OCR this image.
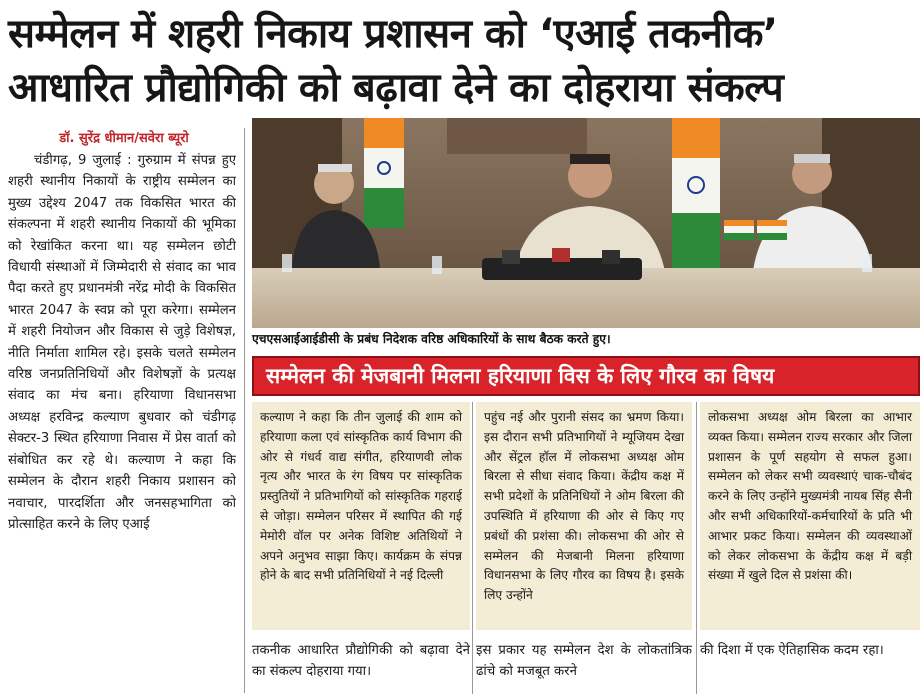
सम्मेलन में शहरी निकाय प्रशासन को ‘एआई तकनीक’
आधारित प्रौद्योगिकी को बढ़ावा देने का दोहराया संकल्प
डॉ. सुरेंद्र धीमान/सवेरा ब्यूरो

चंडीगढ़, 9 जुलाई : गुरुग्राम में संपन्न हुए शहरी स्थानीय निकायों के राष्ट्रीय सम्मेलन का मुख्य उद्देश्य 2047 तक विकसित भारत की संकल्पना में शहरी स्थानीय निकायों की भूमिका को रेखांकित करना था। यह सम्मेलन छोटी विधायी संस्थाओं में जिम्मेदारी से संवाद का भाव पैदा करते हुए प्रधानमंत्री नरेंद्र मोदी के विकसित भारत 2047 के स्वप्न को पूरा करेगा। सम्मेलन में शहरी नियोजन और विकास से जुड़े विशेषज्ञ, नीति निर्माता शामिल रहे। इसके चलते सम्मेलन वरिष्ठ जनप्रतिनिधियों और विशेषज्ञों के प्रत्यक्ष संवाद का मंच बना। हरियाणा विधानसभा अध्यक्ष हरविन्द्र कल्याण बुधवार को चंडीगढ़ सेक्टर-3 स्थित हरियाणा निवास में प्रेस वार्ता को संबोधित कर रहे थे। कल्याण ने कहा कि सम्मेलन के दौरान शहरी निकाय प्रशासन को नवाचार, पारदर्शिता और जनसहभागिता को प्रोत्साहित करने के लिए एआई

एचएसआईआईडीसी के प्रबंध निदेशक वरिष्ठ अधिकारियों के साथ बैठक करते हुए।
सम्मेलन की मेजबानी मिलना हरियाणा विस के लिए गौरव का विषय

कल्याण ने कहा कि तीन जुलाई की शाम को हरियाणा कला एवं सांस्कृतिक कार्य विभाग की ओर से गंधर्व वाद्य संगीत, हरियाणवी लोक नृत्य और भारत के रंग विषय पर सांस्कृतिक प्रस्तुतियों ने प्रतिभागियों को सांस्कृतिक गहराई से जोड़ा। सम्मेलन परिसर में स्थापित की गई मेमोरी वॉल पर अनेक विशिष्ट अतिथियों ने अपने अनुभव साझा किए। कार्यक्रम के संपन्न होने के बाद सभी प्रतिनिधियों ने नई दिल्ली

पहुंच नई और पुरानी संसद का भ्रमण किया। इस दौरान सभी प्रतिभागियों ने म्यूजियम देखा और सेंट्रल हॉल में लोकसभा अध्यक्ष ओम बिरला से सीधा संवाद किया। केंद्रीय कक्ष में सभी प्रदेशों के प्रतिनिधियों ने ओम बिरला की उपस्थिति में हरियाणा की ओर से किए गए प्रबंधों की प्रशंसा की। लोकसभा की ओर से सम्मेलन की मेजबानी मिलना हरियाणा विधानसभा के लिए गौरव का विषय है। इसके लिए उन्होंने

लोकसभा अध्यक्ष ओम बिरला का आभार व्यक्त किया। सम्मेलन राज्य सरकार और जिला प्रशासन के पूर्ण सहयोग से सफल हुआ। सम्मेलन को लेकर सभी व्यवस्थाएं चाक-चौबंद करने के लिए उन्होंने मुख्यमंत्री नायब सिंह सैनी और सभी अधिकारियों-कर्मचारियों के प्रति भी आभार प्रकट किया। सम्मेलन की व्यवस्थाओं को लेकर लोकसभा के केंद्रीय कक्ष में बड़ी संख्या में खुले दिल से प्रशंसा की।

तकनीक आधारित प्रौद्योगिकी को बढ़ावा देने का संकल्प दोहराया गया।

इस प्रकार यह सम्मेलन देश के लोकतांत्रिक ढांचे को मजबूत करने

की दिशा में एक ऐतिहासिक कदम रहा।
